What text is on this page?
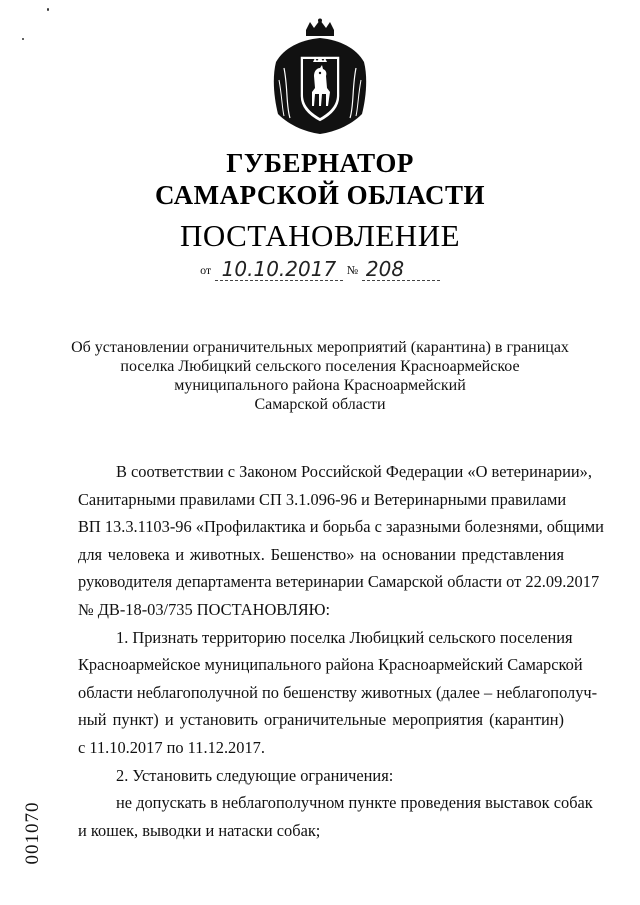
ГУБЕРНАТОР
САМАРСКОЙ ОБЛАСТИ
ПОСТАНОВЛЕНИЕ
от 10.10.2017 № 208
Об установлении ограничительных мероприятий (карантина) в границах
поселка Любицкий сельского поселения Красноармейское
муниципального района Красноармейский
Самарской области
В соответствии с Законом Российской Федерации «О ветеринарии»,
Санитарными правилами СП 3.1.096-96 и Ветеринарными правилами
ВП 13.3.1103-96 «Профилактика и борьба с заразными болезнями, общими
для человека и животных. Бешенство» на основании представления
руководителя департамента ветеринарии Самарской области от 22.09.2017
№ ДВ-18-03/735 ПОСТАНОВЛЯЮ:
1. Признать территорию поселка Любицкий сельского поселения
Красноармейское муниципального района Красноармейский Самарской
области неблагополучной по бешенству животных (далее – неблагополуч-
ный пункт) и установить ограничительные мероприятия (карантин)
с 11.10.2017 по 11.12.2017.
2. Установить следующие ограничения:
не допускать в неблагополучном пункте проведения выставок собак
и кошек, выводки и натаски собак;
001070
